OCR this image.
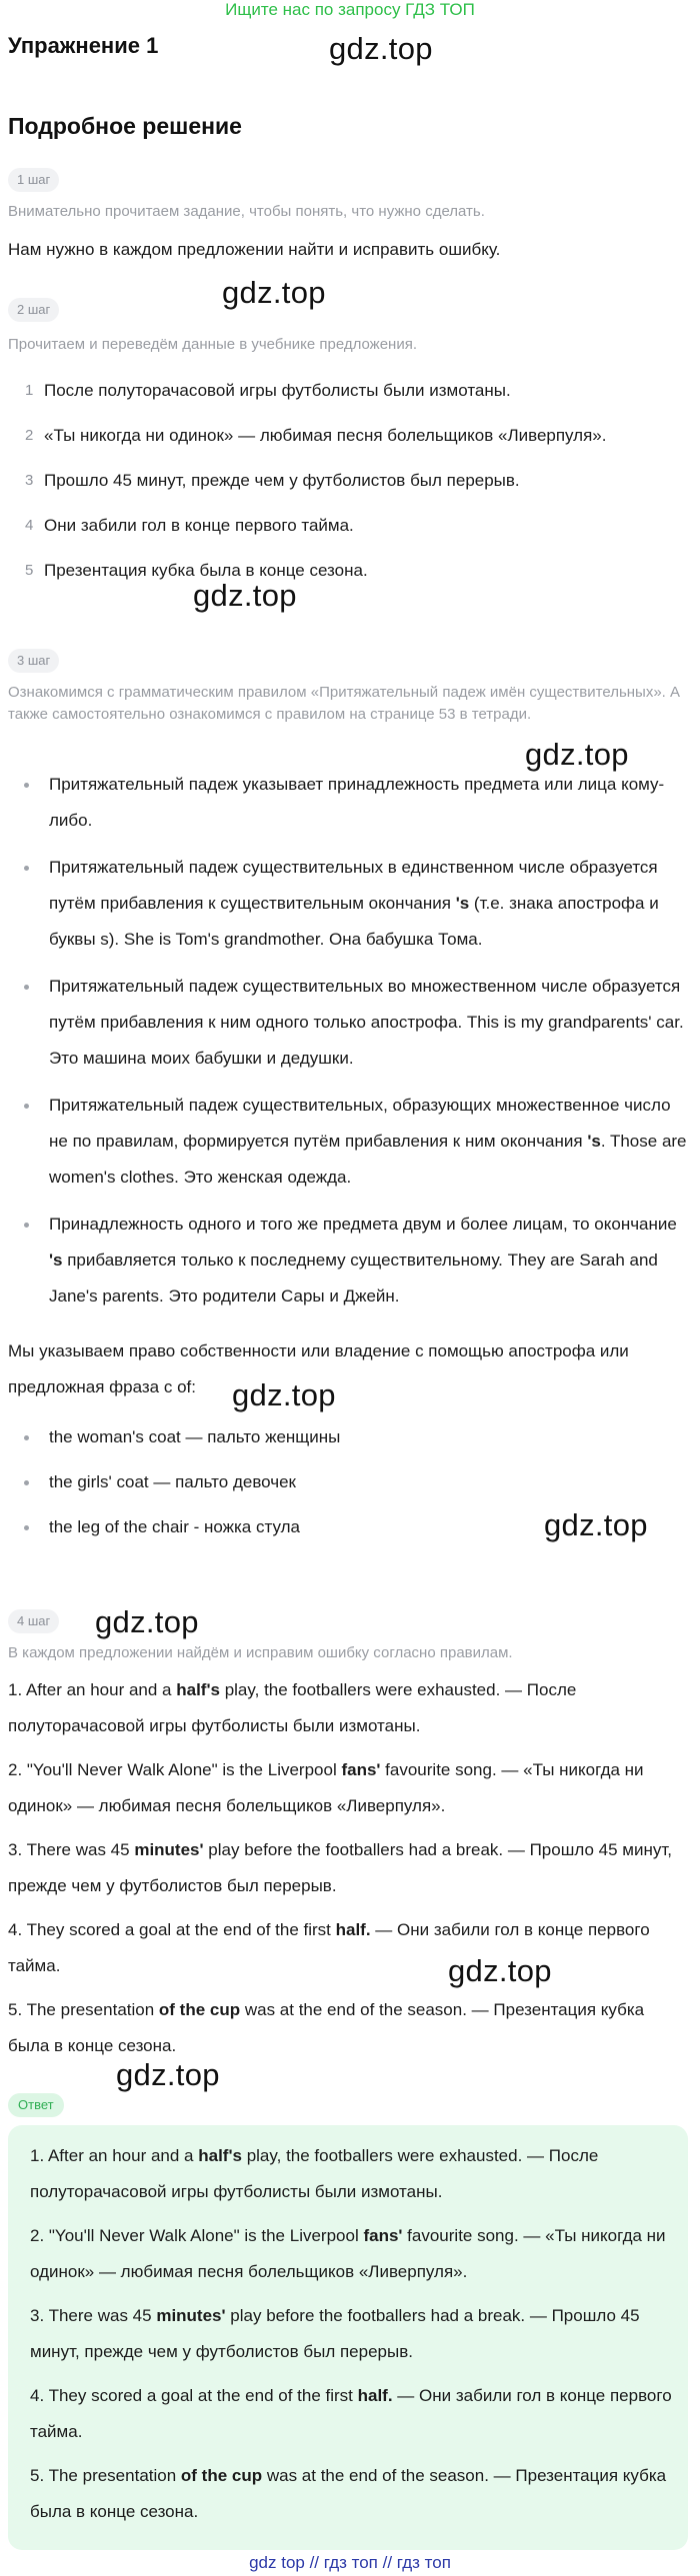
Ищите нас по запросу ГДЗ ТОП
Упражнение 1	gdz.top
gdz.top
gdz.top
gdz.top
gdz.top
gdz.top
gdz.top
gdz.top
gdz.top
Подробное решение
1 шаг
Внимательно прочитаем задание, чтобы понять, что нужно сделать.
Нам нужно в каждом предложении найти и исправить ошибку.
2 шаг
Прочитаем и переведём данные в учебнике предложения.
1 После полуторачасовой игры футболисты были измотаны.
2 «Ты никогда ни одинок» — любимая песня болельщиков «Ливерпуля».
3 Прошло 45 минут, прежде чем у футболистов был перерыв.
4 Они забили гол в конце первого тайма.
5 Презентация кубка была в конце сезона.
3 шаг
Ознакомимся с грамматическим правилом «Притяжательный падеж имён существительных». А также самостоятельно ознакомимся с правилом на странице 53 в тетради.
Притяжательный падеж указывает принадлежность предмета или лица кому-либо.
Притяжательный падеж существительных в единственном числе образуется путём прибавления к существительным окончания 's (т.е. знака апострофа и буквы s). She is Tom's grandmother. Она бабушка Тома.
Притяжательный падеж существительных во множественном числе образуется путём прибавления к ним одного только апострофа. This is my grandparents' car. Это машина моих бабушки и дедушки.
Притяжательный падеж существительных, образующих множественное число не по правилам, формируется путём прибавления к ним окончания 's. Those are women's clothes. Это женская одежда.
Принадлежность одного и того же предмета двум и более лицам, то окончание 's прибавляется только к последнему существительному. They are Sarah and Jane's parents. Это родители Сары и Джейн.
Мы указываем право собственности или владение с помощью апострофа или предложная фраза с of:
the woman's coat — пальто женщины
the girls' coat — пальто девочек
the leg of the chair - ножка стула
4 шаг
В каждом предложении найдём и исправим ошибку согласно правилам.

1. After an hour and a half's play, the footballers were exhausted. — После полуторачасовой игры футболисты были измотаны.

2. "You'll Never Walk Alone" is the Liverpool fans' favourite song. — «Ты никогда ни одинок» — любимая песня болельщиков «Ливерпуля».

3. There was 45 minutes' play before the footballers had a break. — Прошло 45 минут, прежде чем у футболистов был перерыв.

4. They scored a goal at the end of the first half. — Они забили гол в конце первого тайма.

5. The presentation of the cup was at the end of the season. — Презентация кубка была в конце сезона.

Ответ

1. After an hour and a half's play, the footballers were exhausted. — После полуторачасовой игры футболисты были измотаны.

2. "You'll Never Walk Alone" is the Liverpool fans' favourite song. — «Ты никогда ни одинок» — любимая песня болельщиков «Ливерпуля».

3. There was 45 minutes' play before the footballers had a break. — Прошло 45 минут, прежде чем у футболистов был перерыв.

4. They scored a goal at the end of the first half. — Они забили гол в конце первого тайма.

5. The presentation of the cup was at the end of the season. — Презентация кубка была в конце сезона.

gdz top // гдз топ // гдз топ
